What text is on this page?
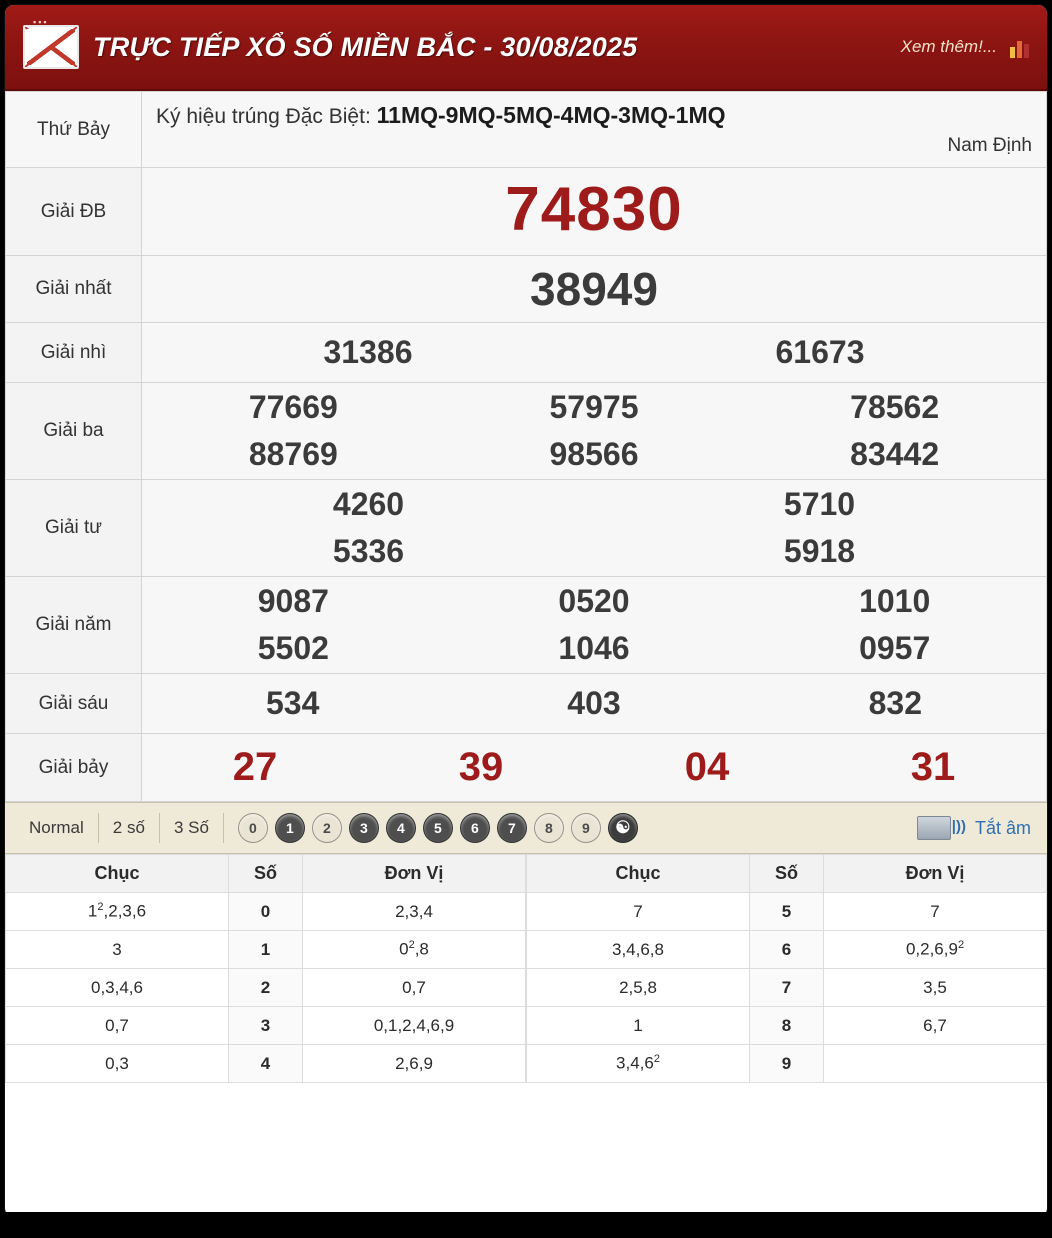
▪▪▪
TRỰC TIẾP XỔ SỐ MIỀN BẮC - 30/08/2025	Xem thêm!...
Thứ Bảy	Ký hiệu trúng Đặc Biệt: 11MQ-9MQ-5MQ-4MQ-3MQ-1MQ
Nam Định

Giải ĐB	74830
Giải nhất	38949
Giải nhì	31386 61673

Giải ba	
77669	57975	78562
88769	98566	83442

Giải tư	4260 5710
5336 5918

Giải năm	
9087	0520	1010
5502	1046	0957

Giải sáu	534 403 832

Giải bảy	27 39 04 31
Normal	2 số	3 Số	0	1	2	3	4	5	6	7	8	9	☯ |))	Tắt âm
Chục	Số	Đơn Vị
$1^2,2,3,6$	0	2,3,4
3	1	$0^2,8$
0,3,4,6	2	0,7
0,7	3	0,1,2,4,6,9
0,3	4	2,6,9
Chục	Số	Đơn Vị
7	5	7
3,4,6,8	6	0,2,6,9$^2$
2,5,8	7	3,5
1	8	6,7
3,4,6$^2$	9	
